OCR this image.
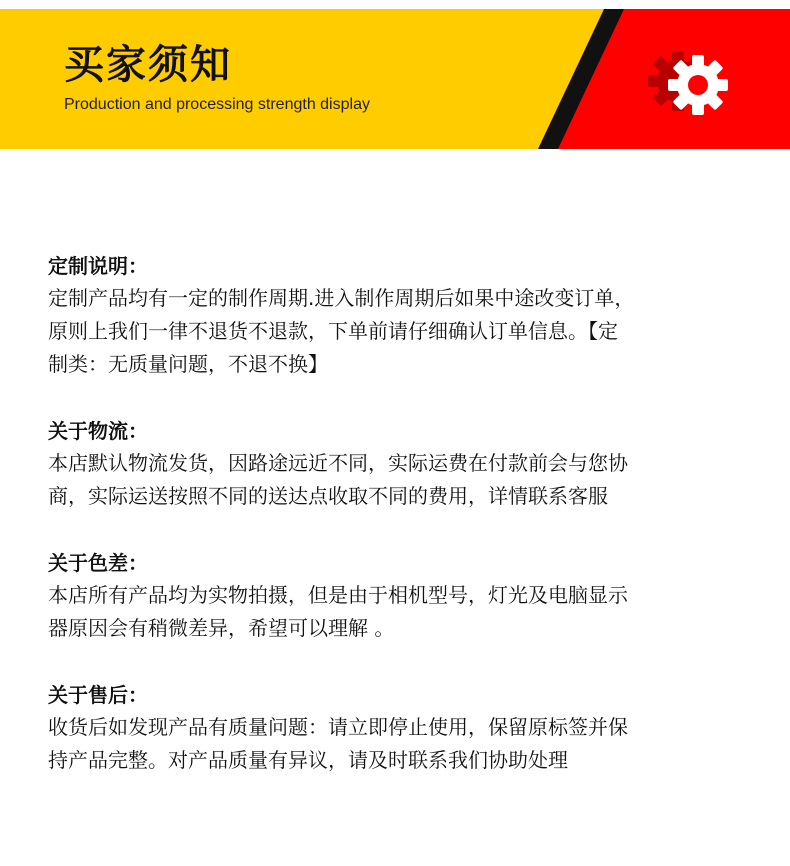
买家须知
Production and processing strength display

定制说明：

定制产品均有一定的制作周期.进入制作周期后如果中途改变订单，

原则上我们一律不退货不退款，下单前请仔细确认订单信息。【定

制类：无质量问题，不退不换】

关于物流：

本店默认物流发货，因路途远近不同，实际运费在付款前会与您协

商，实际运送按照不同的送达点收取不同的费用，详情联系客服

关于色差：

本店所有产品均为实物拍摄，但是由于相机型号，灯光及电脑显示

器原因会有稍微差异，希望可以理解 。

关于售后：

收货后如发现产品有质量问题：请立即停止使用，保留原标签并保

持产品完整。对产品质量有异议，请及时联系我们协助处理
